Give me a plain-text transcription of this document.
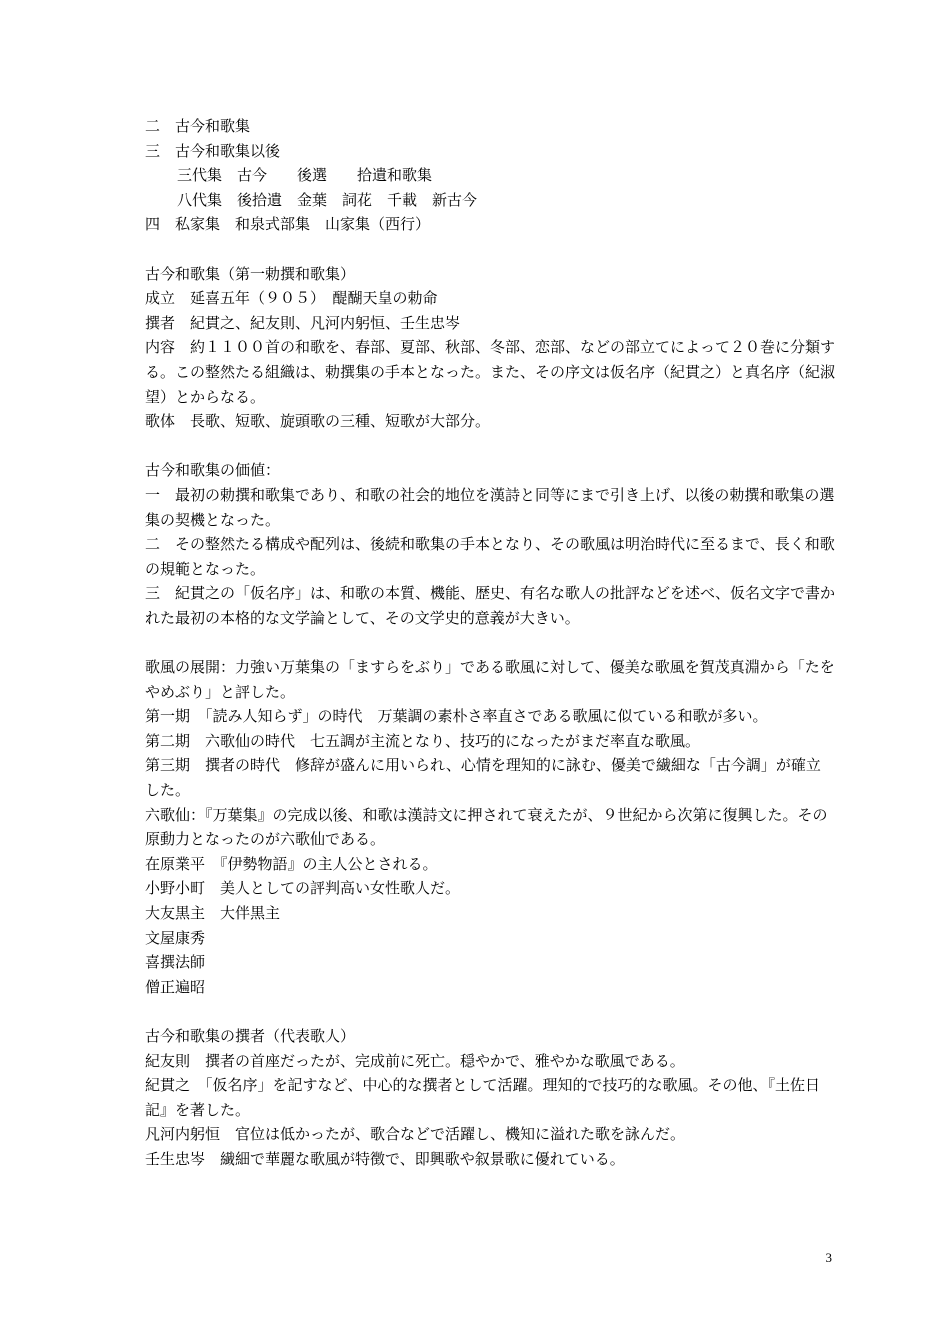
二　古今和歌集
三　古今和歌集以後
三代集　古今　　後選　　拾遺和歌集
八代集　後拾遺　金葉　詞花　千載　新古今
四　私家集　和泉式部集　山家集（西行）
古今和歌集（第一勅撰和歌集）
成立　延喜五年（９０５）　醍醐天皇の勅命
撰者　紀貫之、紀友則、凡河内躬恒、壬生忠岑
内容　約１１００首の和歌を、春部、夏部、秋部、冬部、恋部、などの部立てによって２０巻に分類する。この整然たる組織は、勅撰集の手本となった。また、その序文は仮名序（紀貫之）と真名序（紀淑望）とからなる。
歌体　長歌、短歌、旋頭歌の三種、短歌が大部分。
古今和歌集の価値：
一　最初の勅撰和歌集であり、和歌の社会的地位を漢詩と同等にまで引き上げ、以後の勅撰和歌集の選集の契機となった。
二　その整然たる構成や配列は、後続和歌集の手本となり、その歌風は明治時代に至るまで、長く和歌の規範となった。
三　紀貫之の「仮名序」は、和歌の本質、機能、歴史、有名な歌人の批評などを述べ、仮名文字で書かれた最初の本格的な文学論として、その文学史的意義が大きい。
歌風の展開：力強い万葉集の「ますらをぶり」である歌風に対して、優美な歌風を賀茂真淵から「たをやめぶり」と評した。
第一期　「読み人知らず」の時代　万葉調の素朴さ率直さである歌風に似ている和歌が多い。
第二期　六歌仙の時代　七五調が主流となり、技巧的になったがまだ率直な歌風。
第三期　撰者の時代　修辞が盛んに用いられ、心情を理知的に詠む、優美で繊細な「古今調」が確立した。
六歌仙：『万葉集』の完成以後、和歌は漢詩文に押されて衰えたが、９世紀から次第に復興した。その原動力となったのが六歌仙である。
在原業平　『伊勢物語』の主人公とされる。
小野小町　美人としての評判高い女性歌人だ。
大友黒主　大伴黒主
文屋康秀
喜撰法師
僧正遍昭
古今和歌集の撰者（代表歌人）
紀友則　撰者の首座だったが、完成前に死亡。穏やかで、雅やかな歌風である。
紀貫之　「仮名序」を記すなど、中心的な撰者として活躍。理知的で技巧的な歌風。その他、『土佐日記』を著した。
凡河内躬恒　官位は低かったが、歌合などで活躍し、機知に溢れた歌を詠んだ。
壬生忠岑　繊細で華麗な歌風が特徴で、即興歌や叙景歌に優れている。
3
